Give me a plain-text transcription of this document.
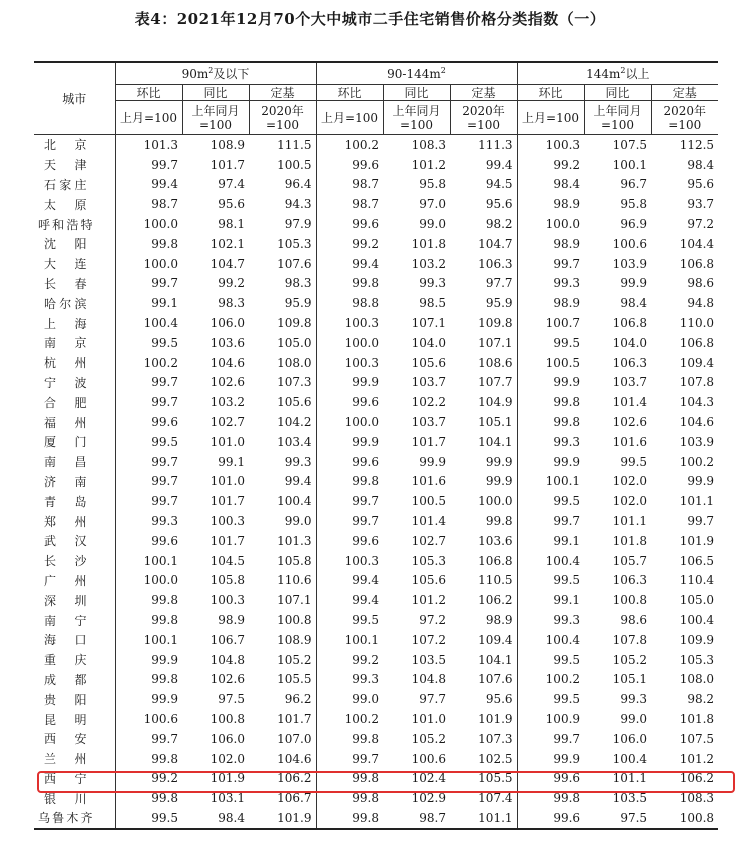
表4：2021年12月70个大中城市二手住宅销售价格分类指数（一）
城市	$90m^2$及以下			$90-144m^2$			$144m^2$以上		
	环比	同比	定基	环比	同比	定基	环比	同比	定基
	上月=100	上年同月=100	2020年=100	上月=100	上年同月=100	2020年=100	上月=100	上年同月=100	2020年=100
北京	101.3	108.9	111.5	100.2	108.3	111.3	100.3	107.5	112.5
天津	99.7	101.7	100.5	99.6	101.2	99.4	99.2	100.1	98.4
石家庄	99.4	97.4	96.4	98.7	95.8	94.5	98.4	96.7	95.6
太原	98.7	95.6	94.3	98.7	97.0	95.6	98.9	95.8	93.7
呼和浩特	100.0	98.1	97.9	99.6	99.0	98.2	100.0	96.9	97.2
沈阳	99.8	102.1	105.3	99.2	101.8	104.7	98.9	100.6	104.4
大连	100.0	104.7	107.6	99.4	103.2	106.3	99.7	103.9	106.8
长春	99.7	99.2	98.3	99.8	99.3	97.7	99.3	99.9	98.6
哈尔滨	99.1	98.3	95.9	98.8	98.5	95.9	98.9	98.4	94.8
上海	100.4	106.0	109.8	100.3	107.1	109.8	100.7	106.8	110.0
南京	99.5	103.6	105.0	100.0	104.0	107.1	99.5	104.0	106.8
杭州	100.2	104.6	108.0	100.3	105.6	108.6	100.5	106.3	109.4
宁波	99.7	102.6	107.3	99.9	103.7	107.7	99.9	103.7	107.8
合肥	99.7	103.2	105.6	99.6	102.2	104.9	99.8	101.4	104.3
福州	99.6	102.7	104.2	100.0	103.7	105.1	99.8	102.6	104.6
厦门	99.5	101.0	103.4	99.9	101.7	104.1	99.3	101.6	103.9
南昌	99.7	99.1	99.3	99.6	99.9	99.9	99.9	99.5	100.2
济南	99.7	101.0	99.4	99.8	101.6	99.9	100.1	102.0	99.9
青岛	99.7	101.7	100.4	99.7	100.5	100.0	99.5	102.0	101.1
郑州	99.3	100.3	99.0	99.7	101.4	99.8	99.7	101.1	99.7
武汉	99.6	101.7	101.3	99.6	102.7	103.6	99.1	101.8	101.9
长沙	100.1	104.5	105.8	100.3	105.3	106.8	100.4	105.7	106.5
广州	100.0	105.8	110.6	99.4	105.6	110.5	99.5	106.3	110.4
深圳	99.8	100.3	107.1	99.4	101.2	106.2	99.1	100.8	105.0
南宁	99.8	98.9	100.8	99.5	97.2	98.9	99.3	98.6	100.4
海口	100.1	106.7	108.9	100.1	107.2	109.4	100.4	107.8	109.9
重庆	99.9	104.8	105.2	99.2	103.5	104.1	99.5	105.2	105.3
成都	99.8	102.6	105.5	99.3	104.8	107.6	100.2	105.1	108.0
贵阳	99.9	97.5	96.2	99.0	97.7	95.6	99.5	99.3	98.2
昆明	100.6	100.8	101.7	100.2	101.0	101.9	100.9	99.0	101.8
西安	99.7	106.0	107.0	99.8	105.2	107.3	99.7	106.0	107.5
兰州	99.8	102.0	104.6	99.7	100.6	102.5	99.9	100.4	101.2
西宁	99.2	101.9	106.2	99.8	102.4	105.5	99.6	101.1	106.2
银川	99.8	103.1	106.7	99.8	102.9	107.4	99.8	103.5	108.3
乌鲁木齐	99.5	98.4	101.9	99.8	98.7	101.1	99.6	97.5	100.8
